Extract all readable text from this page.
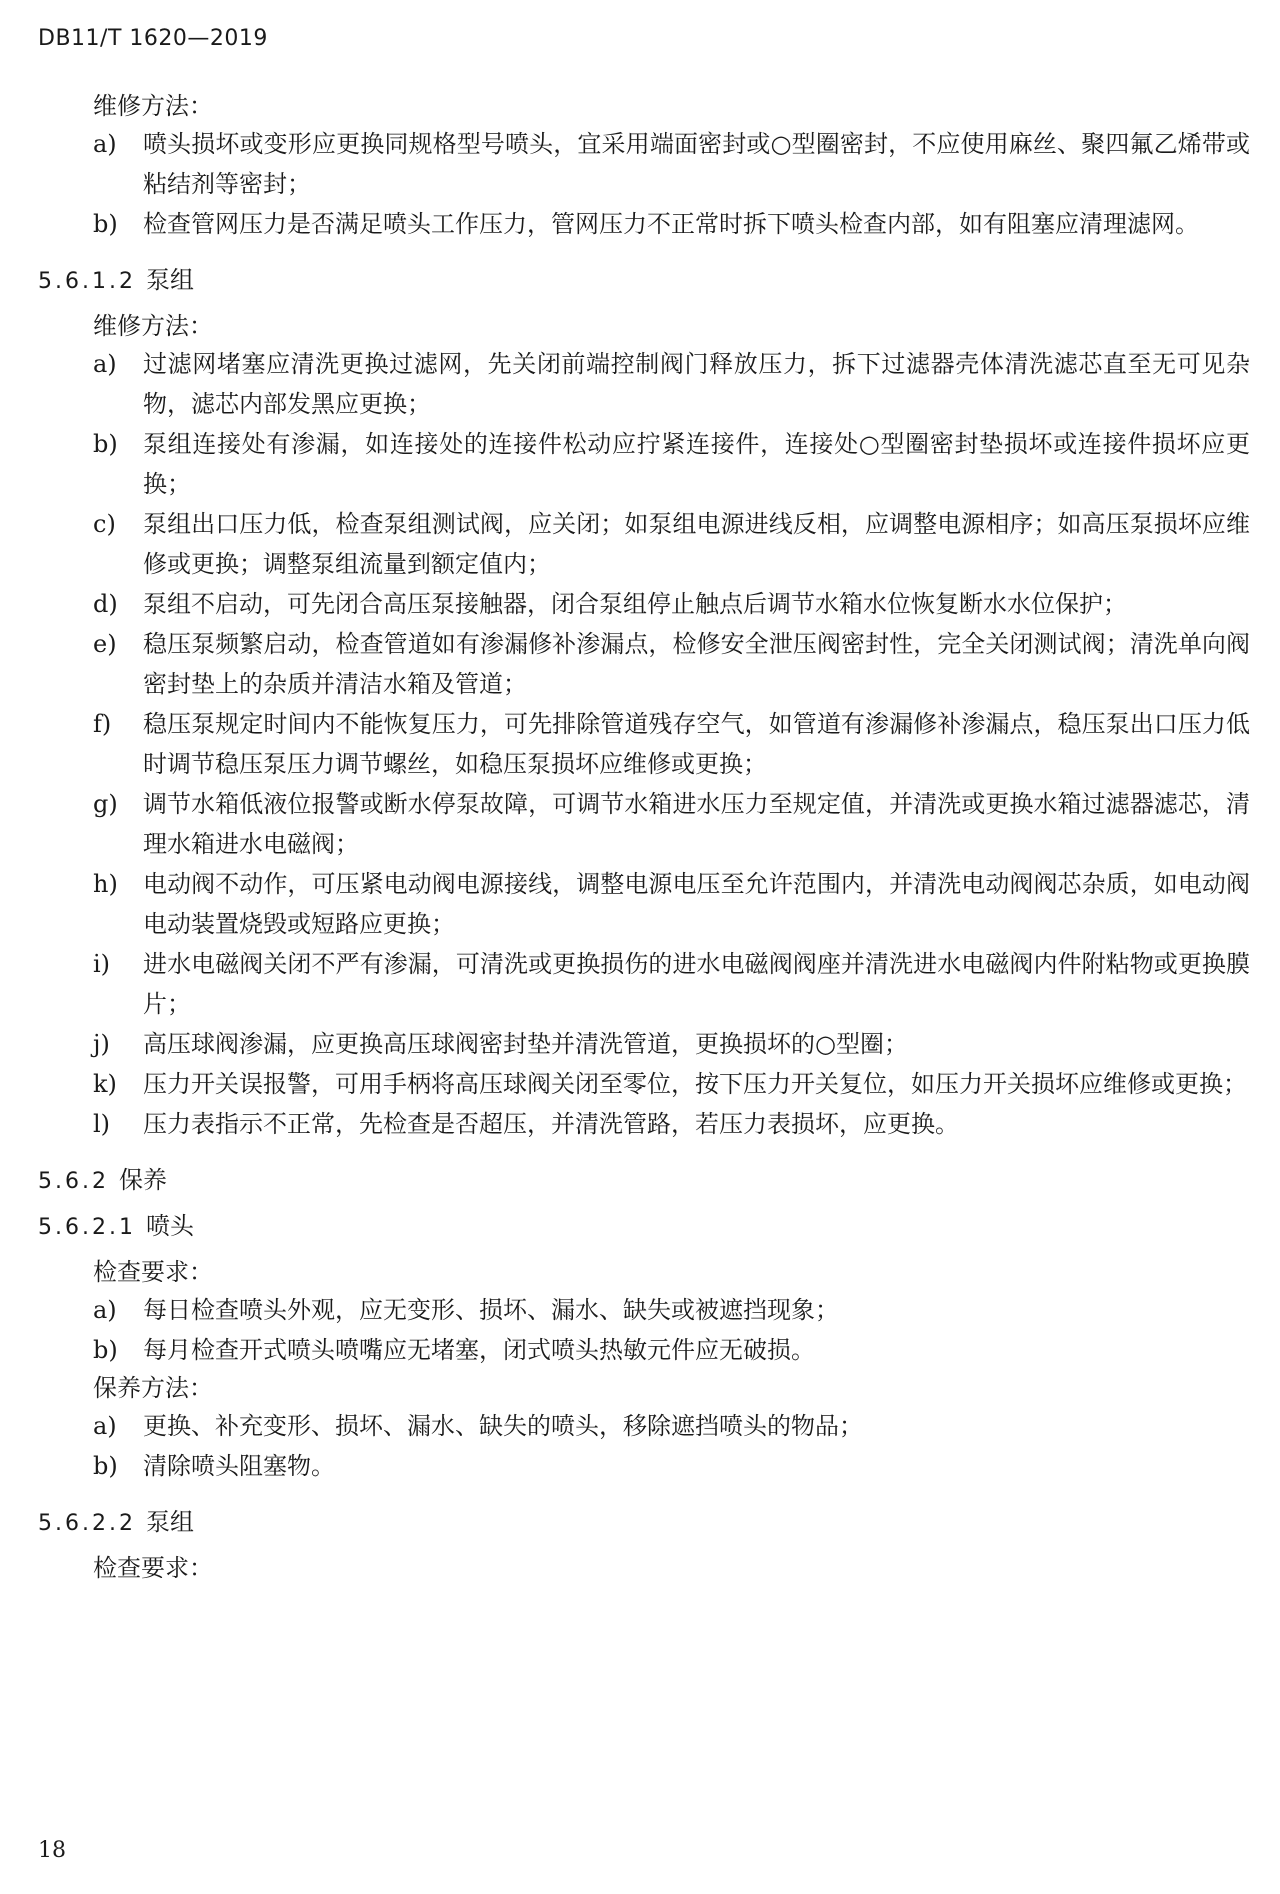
DB11/T 1620—2019
维修方法：
a)	喷头损坏或变形应更换同规格型号喷头，宜采用端面密封或○型圈密封，不应使用麻丝、聚四氟乙烯带或粘结剂等密封；
b)	检查管网压力是否满足喷头工作压力，管网压力不正常时拆下喷头检查内部，如有阻塞应清理滤网。
5.6.1.2 泵组
维修方法：
a)	过滤网堵塞应清洗更换过滤网，先关闭前端控制阀门释放压力，拆下过滤器壳体清洗滤芯直至无可见杂物，滤芯内部发黑应更换；
b)	泵组连接处有渗漏，如连接处的连接件松动应拧紧连接件，连接处○型圈密封垫损坏或连接件损坏应更换；
c)	泵组出口压力低，检查泵组测试阀，应关闭；如泵组电源进线反相，应调整电源相序；如高压泵损坏应维修或更换；调整泵组流量到额定值内；
d)	泵组不启动，可先闭合高压泵接触器，闭合泵组停止触点后调节水箱水位恢复断水水位保护；
e)	稳压泵频繁启动，检查管道如有渗漏修补渗漏点，检修安全泄压阀密封性，完全关闭测试阀；清洗单向阀密封垫上的杂质并清洁水箱及管道；
f)	稳压泵规定时间内不能恢复压力，可先排除管道残存空气，如管道有渗漏修补渗漏点，稳压泵出口压力低时调节稳压泵压力调节螺丝，如稳压泵损坏应维修或更换；
g)	调节水箱低液位报警或断水停泵故障，可调节水箱进水压力至规定值，并清洗或更换水箱过滤器滤芯，清理水箱进水电磁阀；
h)	电动阀不动作，可压紧电动阀电源接线，调整电源电压至允许范围内，并清洗电动阀阀芯杂质，如电动阀电动装置烧毁或短路应更换；
i)	进水电磁阀关闭不严有渗漏，可清洗或更换损伤的进水电磁阀阀座并清洗进水电磁阀内件附粘物或更换膜片；
j)	高压球阀渗漏，应更换高压球阀密封垫并清洗管道，更换损坏的○型圈；
k)	压力开关误报警，可用手柄将高压球阀关闭至零位，按下压力开关复位，如压力开关损坏应维修或更换；
l)	压力表指示不正常，先检查是否超压，并清洗管路，若压力表损坏，应更换。
5.6.2 保养
5.6.2.1 喷头
检查要求：
a)	每日检查喷头外观，应无变形、损坏、漏水、缺失或被遮挡现象；
b)	每月检查开式喷头喷嘴应无堵塞，闭式喷头热敏元件应无破损。
保养方法：
a)	更换、补充变形、损坏、漏水、缺失的喷头，移除遮挡喷头的物品；
b)	清除喷头阻塞物。
5.6.2.2 泵组
检查要求：
18
